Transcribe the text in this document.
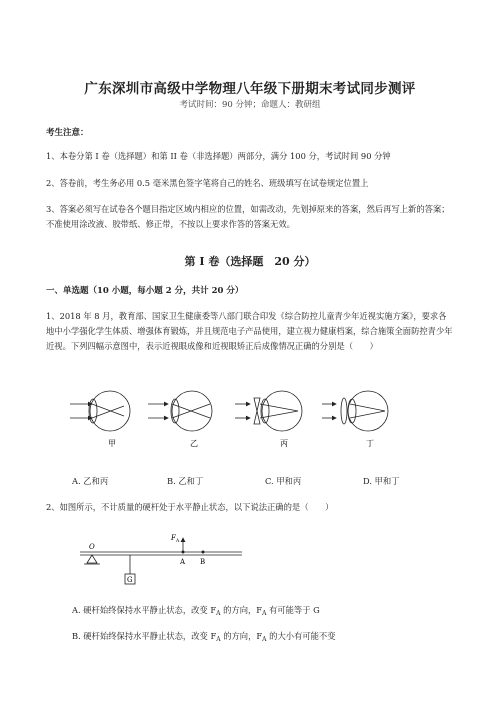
广东深圳市高级中学物理八年级下册期末考试同步测评
考试时间：90 分钟；命题人：教研组
考生注意：
1、本卷分第 I 卷（选择题）和第 II 卷（非选择题）两部分，满分 100 分，考试时间 90 分钟
2、答卷前，考生务必用 0.5 毫米黑色签字笔将自己的姓名、班级填写在试卷规定位置上
3、答案必须写在试卷各个题目指定区域内相应的位置，如需改动，先划掉原来的答案，然后再写上新的答案；不准使用涂改液、胶带纸、修正带，不按以上要求作答的答案无效。
第 I 卷（选择题　20 分）
一、单选题（10 小题，每小题 2 分，共计 20 分）
1、2018 年 8 月，教育部、国家卫生健康委等八部门联合印发《综合防控儿童青少年近视实施方案》，要求各地中小学强化学生体质、增强体育锻炼，并且规范电子产品使用，建立视力健康档案，综合施策全面防控青少年近视。下列四幅示意图中，表示近视眼成像和近视眼矫正后成像情况正确的分别是（　　）
甲	乙	丙	丁
A. 乙和丙	B. 乙和丁	C. 甲和丙	D. 甲和丁
2、如图所示，不计质量的硬杆处于水平静止状态，以下说法正确的是（　　）
O
G
A B
F A
A. 硬杆始终保持水平静止状态，改变 $F_A$ 的方向，$F_A$ 有可能等于 G
B. 硬杆始终保持水平静止状态，改变 $F_A$ 的方向，$F_A$ 的大小有可能不变
